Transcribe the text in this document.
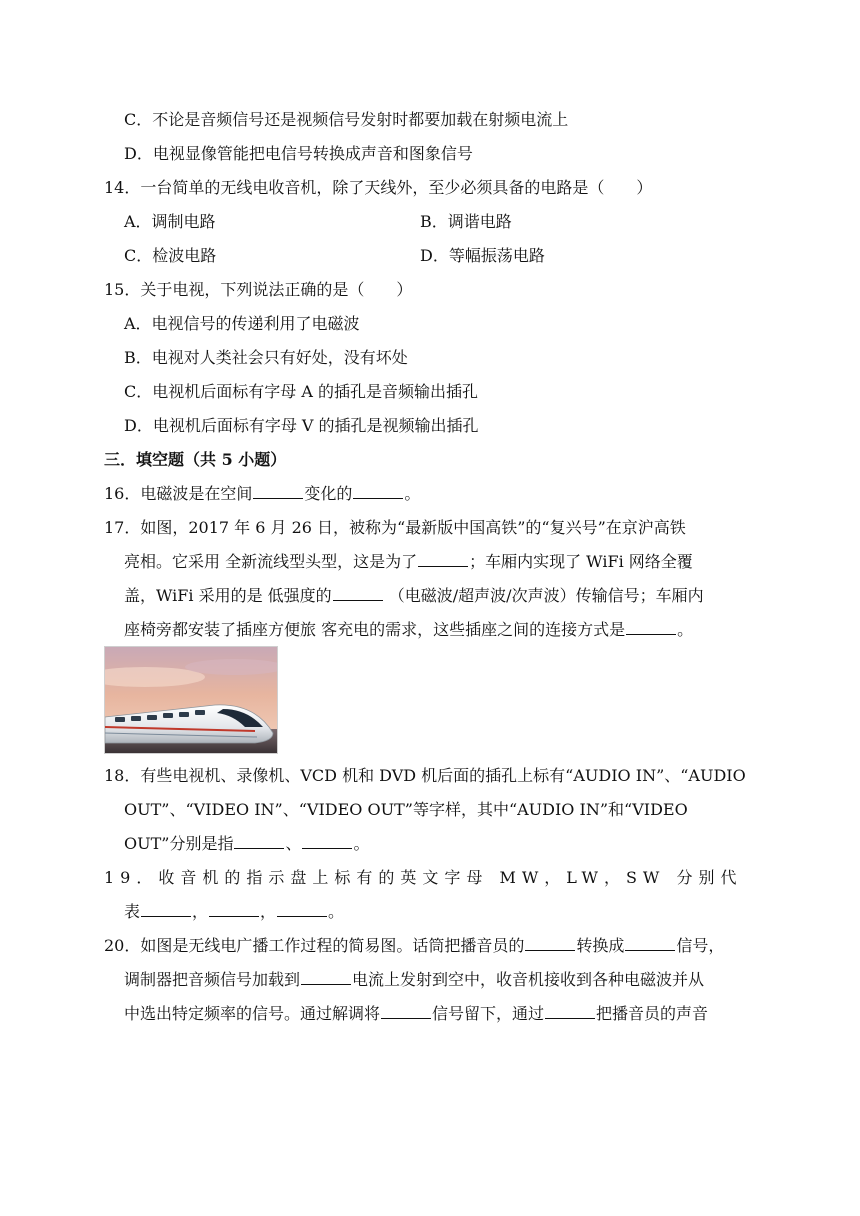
C．不论是音频信号还是视频信号发射时都要加载在射频电流上
D．电视显像管能把电信号转换成声音和图象信号
14．一台简单的无线电收音机，除了天线外，至少必须具备的电路是（　　）
A．调制电路	B．调谐电路
C．检波电路	D．等幅振荡电路
15．关于电视，下列说法正确的是（　　）
A．电视信号的传递利用了电磁波
B．电视对人类社会只有好处，没有坏处
C．电视机后面标有字母 A 的插孔是音频输出插孔
D．电视机后面标有字母 V 的插孔是视频输出插孔
三．填空题（共 5 小题）
16．电磁波是在空间	变化的	。
17．如图，2017 年 6 月 26 日，被称为“最新版中国高铁”的“复兴号”在京沪高铁
亮相。它采用 全新流线型头型，这是为了	；车厢内实现了 WiFi 网络全覆
盖，WiFi 采用的是 低强度的	（电磁波/超声波/次声波）传输信号；车厢内
座椅旁都安装了插座方便旅 客充电的需求，这些插座之间的连接方式是	。
18．有些电视机、录像机、VCD 机和 DVD 机后面的插孔上标有“AUDIO IN”、“AUDIO
OUT”、“VIDEO IN”、“VIDEO OUT”等字样，其中“AUDIO IN”和“VIDEO
OUT”分别是指	、	。
19．收音机的指示盘上标有的英文字母 MW，LW，SW 分别代
表	，	，	。
20．如图是无线电广播工作过程的简易图。话筒把播音员的	转换成	信号，
调制器把音频信号加载到	电流上发射到空中，收音机接收到各种电磁波并从
中选出特定频率的信号。通过解调将	信号留下，通过	把播音员的声音
